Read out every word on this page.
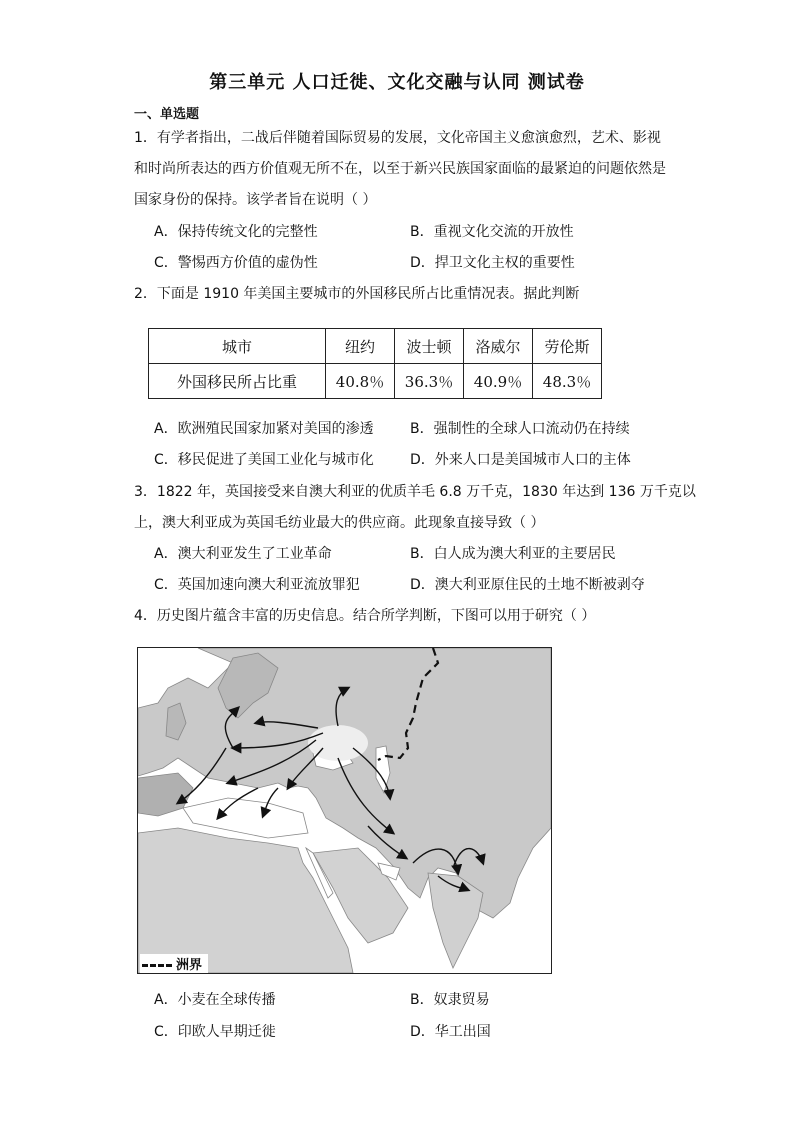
第三单元 人口迁徙、文化交融与认同 测试卷
一、单选题
1．有学者指出，二战后伴随着国际贸易的发展，文化帝国主义愈演愈烈，艺术、影视
和时尚所表达的西方价值观无所不在，以至于新兴民族国家面临的最紧迫的问题依然是
国家身份的保持。该学者旨在说明（ ）
A．保持传统文化的完整性	B．重视文化交流的开放性
C．警惕西方价值的虚伪性	D．捍卫文化主权的重要性
2．下面是 1910 年美国主要城市的外国移民所占比重情况表。据此判断
城市	纽约	波士顿	洛威尔	劳伦斯
外国移民所占比重	40.8％	36.3％	40.9％	48.3％
A．欧洲殖民国家加紧对美国的渗透	B．强制性的全球人口流动仍在持续
C．移民促进了美国工业化与城市化	D．外来人口是美国城市人口的主体
3．1822 年，英国接受来自澳大利亚的优质羊毛 6.8 万千克，1830 年达到 136 万千克以
上，澳大利亚成为英国毛纺业最大的供应商。此现象直接导致（ ）
A．澳大利亚发生了工业革命	B．白人成为澳大利亚的主要居民
C．英国加速向澳大利亚流放罪犯	D．澳大利亚原住民的土地不断被剥夺
4．历史图片蕴含丰富的历史信息。结合所学判断，下图可以用于研究（ ）
洲界
A．小麦在全球传播	B．奴隶贸易
C．印欧人早期迁徙	D．华工出国
